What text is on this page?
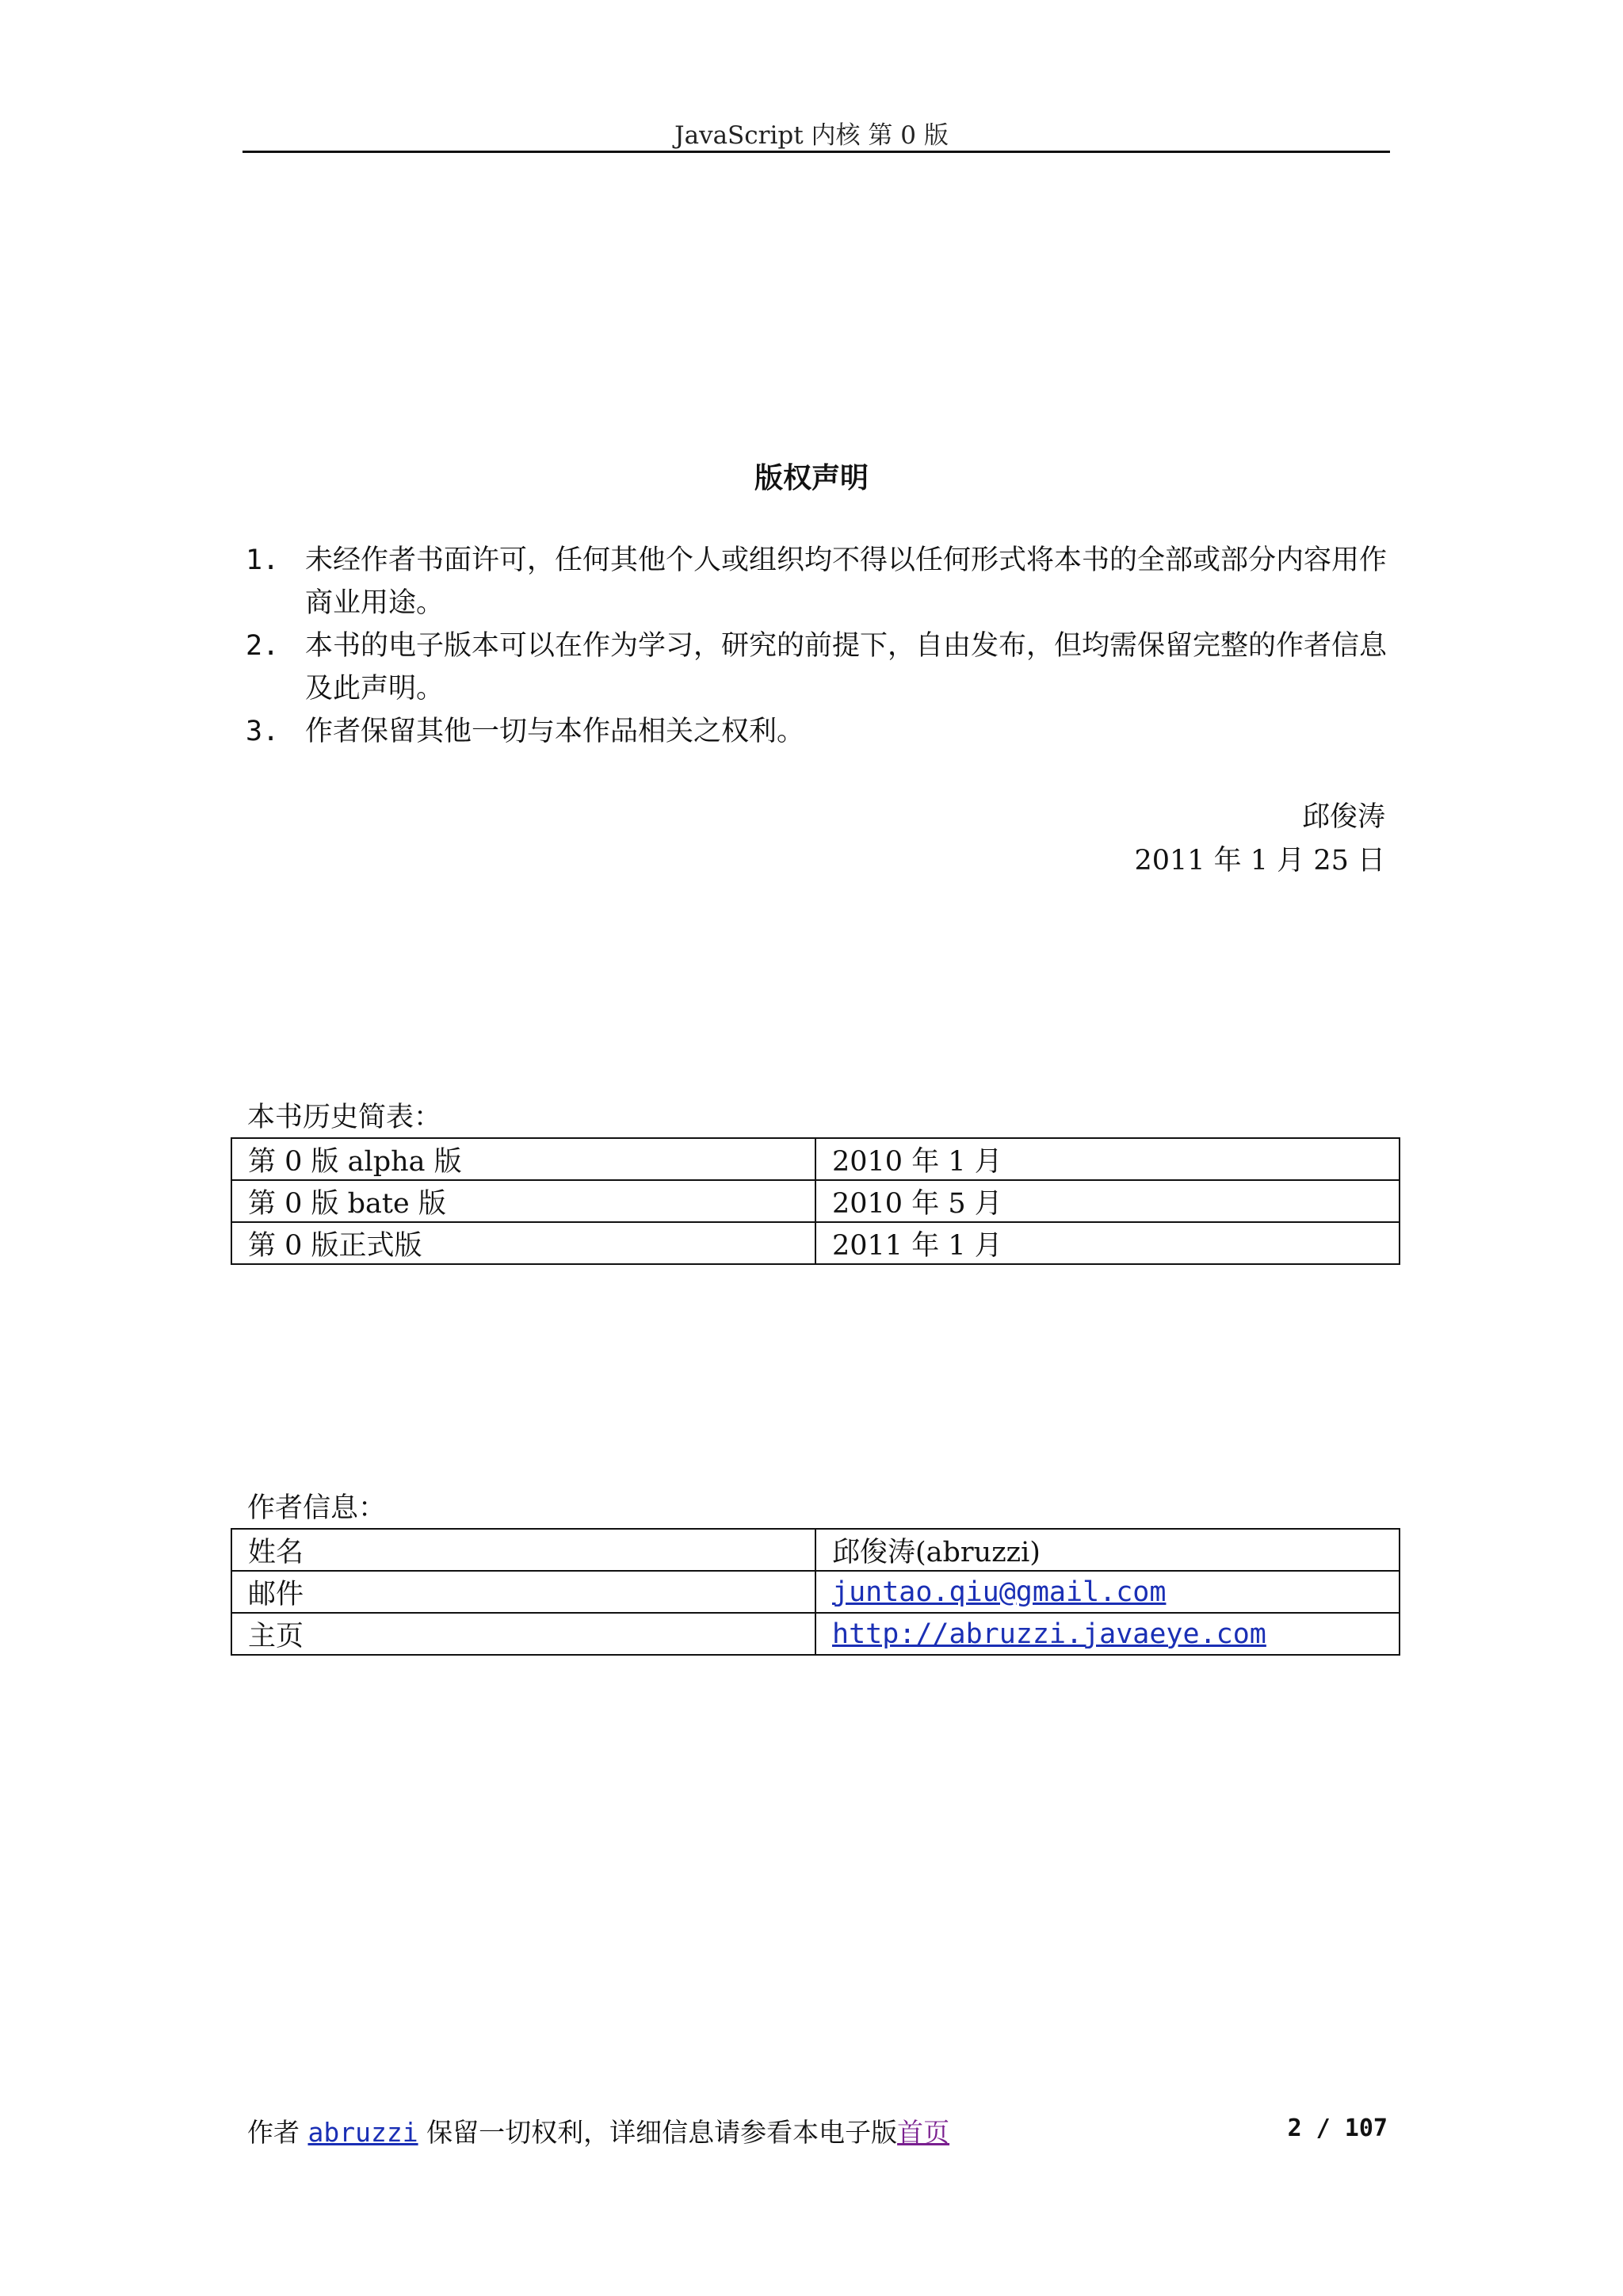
JavaScript 内核 第 0 版
版权声明
1. 未经作者书面许可，任何其他个人或组织均不得以任何形式将本书的全部或部分内容用作商业用途。
2. 本书的电子版本可以在作为学习，研究的前提下，自由发布，但均需保留完整的作者信息及此声明。
3. 作者保留其他一切与本作品相关之权利。
邱俊涛
2011 年 1 月 25 日
本书历史简表：
第 0 版 alpha 版	2010 年 1 月
第 0 版 bate 版	2010 年 5 月
第 0 版正式版	2011 年 1 月
作者信息：
姓名	邱俊涛(abruzzi)
邮件	juntao.qiu@gmail.com
主页	http://abruzzi.javaeye.com
作者 abruzzi 保留一切权利，详细信息请参看本电子版首页	2 / 107
